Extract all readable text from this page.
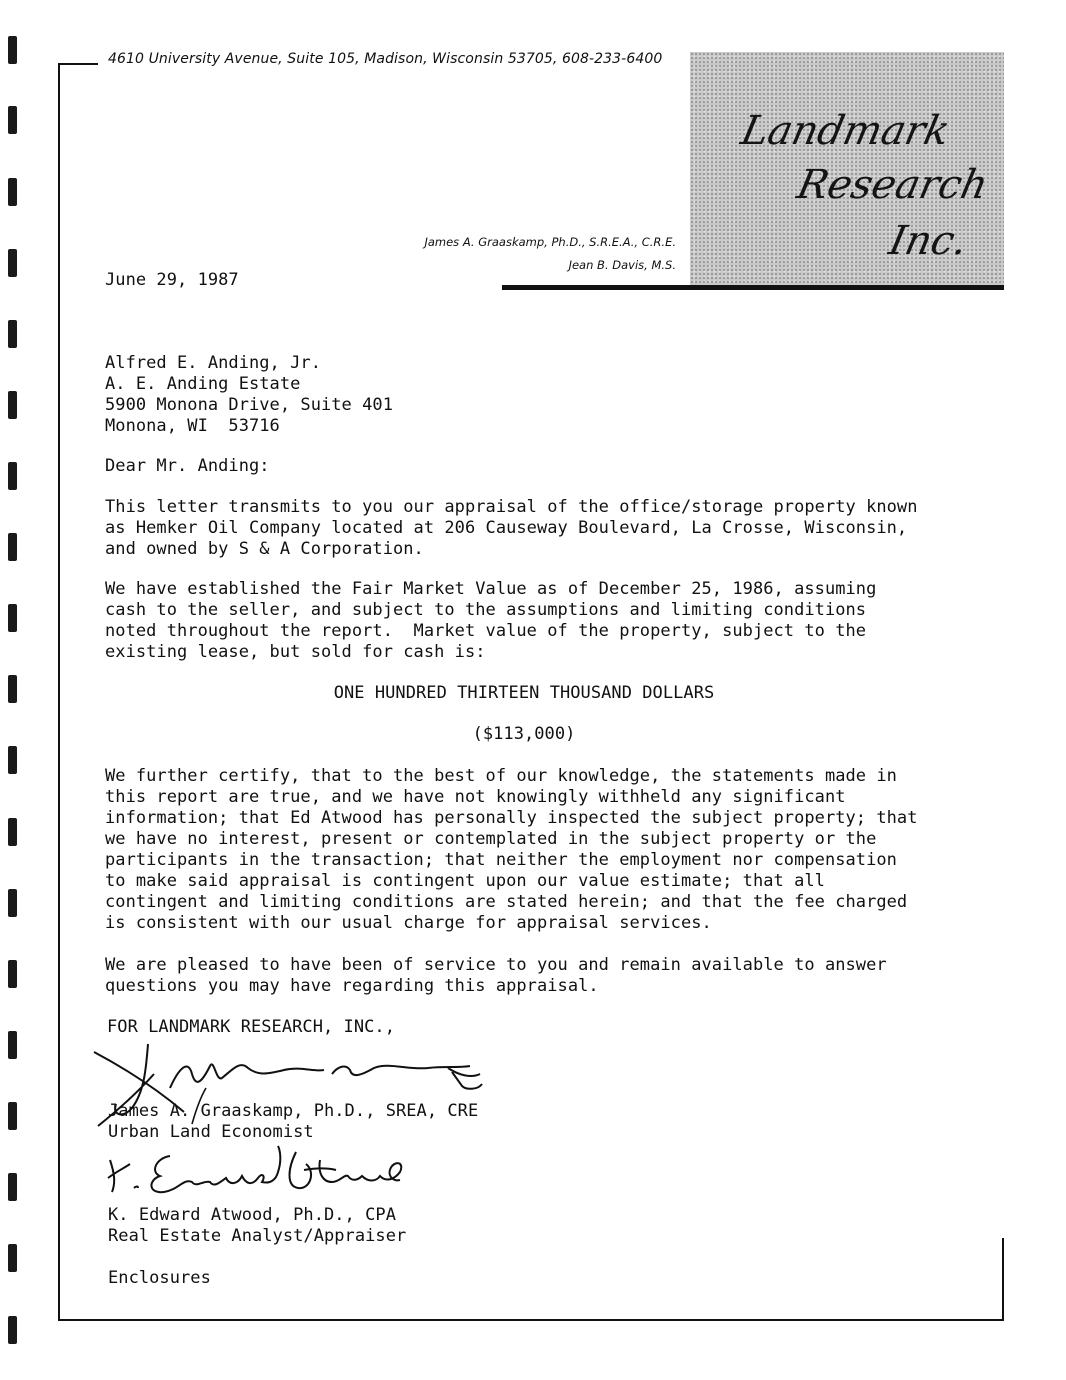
4610 University Avenue, Suite 105, Madison, Wisconsin 53705, 608-233-6400
James A. Graaskamp, Ph.D., S.R.E.A., C.R.E.
Jean B. Davis, M.S.
Landmark
Research
Inc.
June 29, 1987
Alfred E. Anding, Jr.
A. E. Anding Estate
5900 Monona Drive, Suite 401
Monona, WI  53716
Dear Mr. Anding:
This letter transmits to you our appraisal of the office/storage property known
as Hemker Oil Company located at 206 Causeway Boulevard, La Crosse, Wisconsin,
and owned by S & A Corporation.
We have established the Fair Market Value as of December 25, 1986, assuming
cash to the seller, and subject to the assumptions and limiting conditions
noted throughout the report.  Market value of the property, subject to the
existing lease, but sold for cash is:
ONE HUNDRED THIRTEEN THOUSAND DOLLARS
($113,000)
We further certify, that to the best of our knowledge, the statements made in
this report are true, and we have not knowingly withheld any significant
information; that Ed Atwood has personally inspected the subject property; that
we have no interest, present or contemplated in the subject property or the
participants in the transaction; that neither the employment nor compensation
to make said appraisal is contingent upon our value estimate; that all
contingent and limiting conditions are stated herein; and that the fee charged
is consistent with our usual charge for appraisal services.
We are pleased to have been of service to you and remain available to answer
questions you may have regarding this appraisal.
FOR LANDMARK RESEARCH, INC.,
James A. Graaskamp, Ph.D., SREA, CRE
Urban Land Economist
K. Edward Atwood, Ph.D., CPA
Real Estate Analyst/Appraiser
Enclosures
